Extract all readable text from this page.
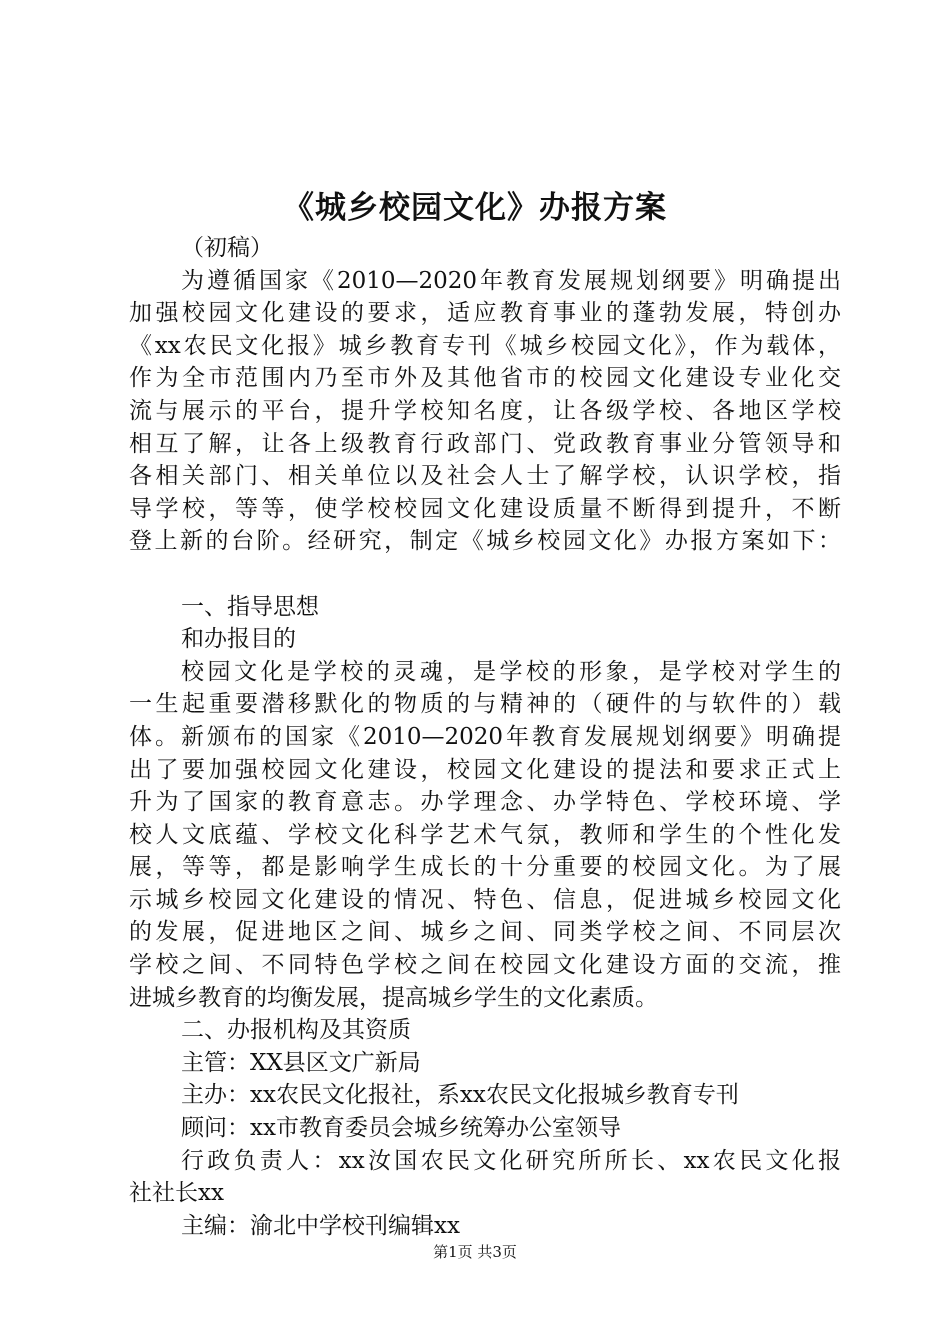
《城乡校园文化》办报方案
（初稿）
为遵循国家《2010—2020年教育发展规划纲要》明确提出
加强校园文化建设的要求，适应教育事业的蓬勃发展，特创办
《xx农民文化报》城乡教育专刊《城乡校园文化》，作为载体，
作为全市范围内乃至市外及其他省市的校园文化建设专业化交
流与展示的平台，提升学校知名度，让各级学校、各地区学校
相互了解，让各上级教育行政部门、党政教育事业分管领导和
各相关部门、相关单位以及社会人士了解学校，认识学校，指
导学校，等等，使学校校园文化建设质量不断得到提升，不断
登上新的台阶。经研究，制定《城乡校园文化》办报方案如下：
一、指导思想
和办报目的
校园文化是学校的灵魂，是学校的形象，是学校对学生的
一生起重要潜移默化的物质的与精神的（硬件的与软件的）载
体。新颁布的国家《2010—2020年教育发展规划纲要》明确提
出了要加强校园文化建设，校园文化建设的提法和要求正式上
升为了国家的教育意志。办学理念、办学特色、学校环境、学
校人文底蕴、学校文化科学艺术气氛，教师和学生的个性化发
展，等等，都是影响学生成长的十分重要的校园文化。为了展
示城乡校园文化建设的情况、特色、信息，促进城乡校园文化
的发展，促进地区之间、城乡之间、同类学校之间、不同层次
学校之间、不同特色学校之间在校园文化建设方面的交流，推
进城乡教育的均衡发展，提高城乡学生的文化素质。
二、办报机构及其资质
主管：XX县区文广新局
主办：xx农民文化报社，系xx农民文化报城乡教育专刊
顾问：xx市教育委员会城乡统筹办公室领导
行政负责人：xx汝国农民文化研究所所长、xx农民文化报
社社长xx
主编：渝北中学校刊编辑xx
第1页 共3页
